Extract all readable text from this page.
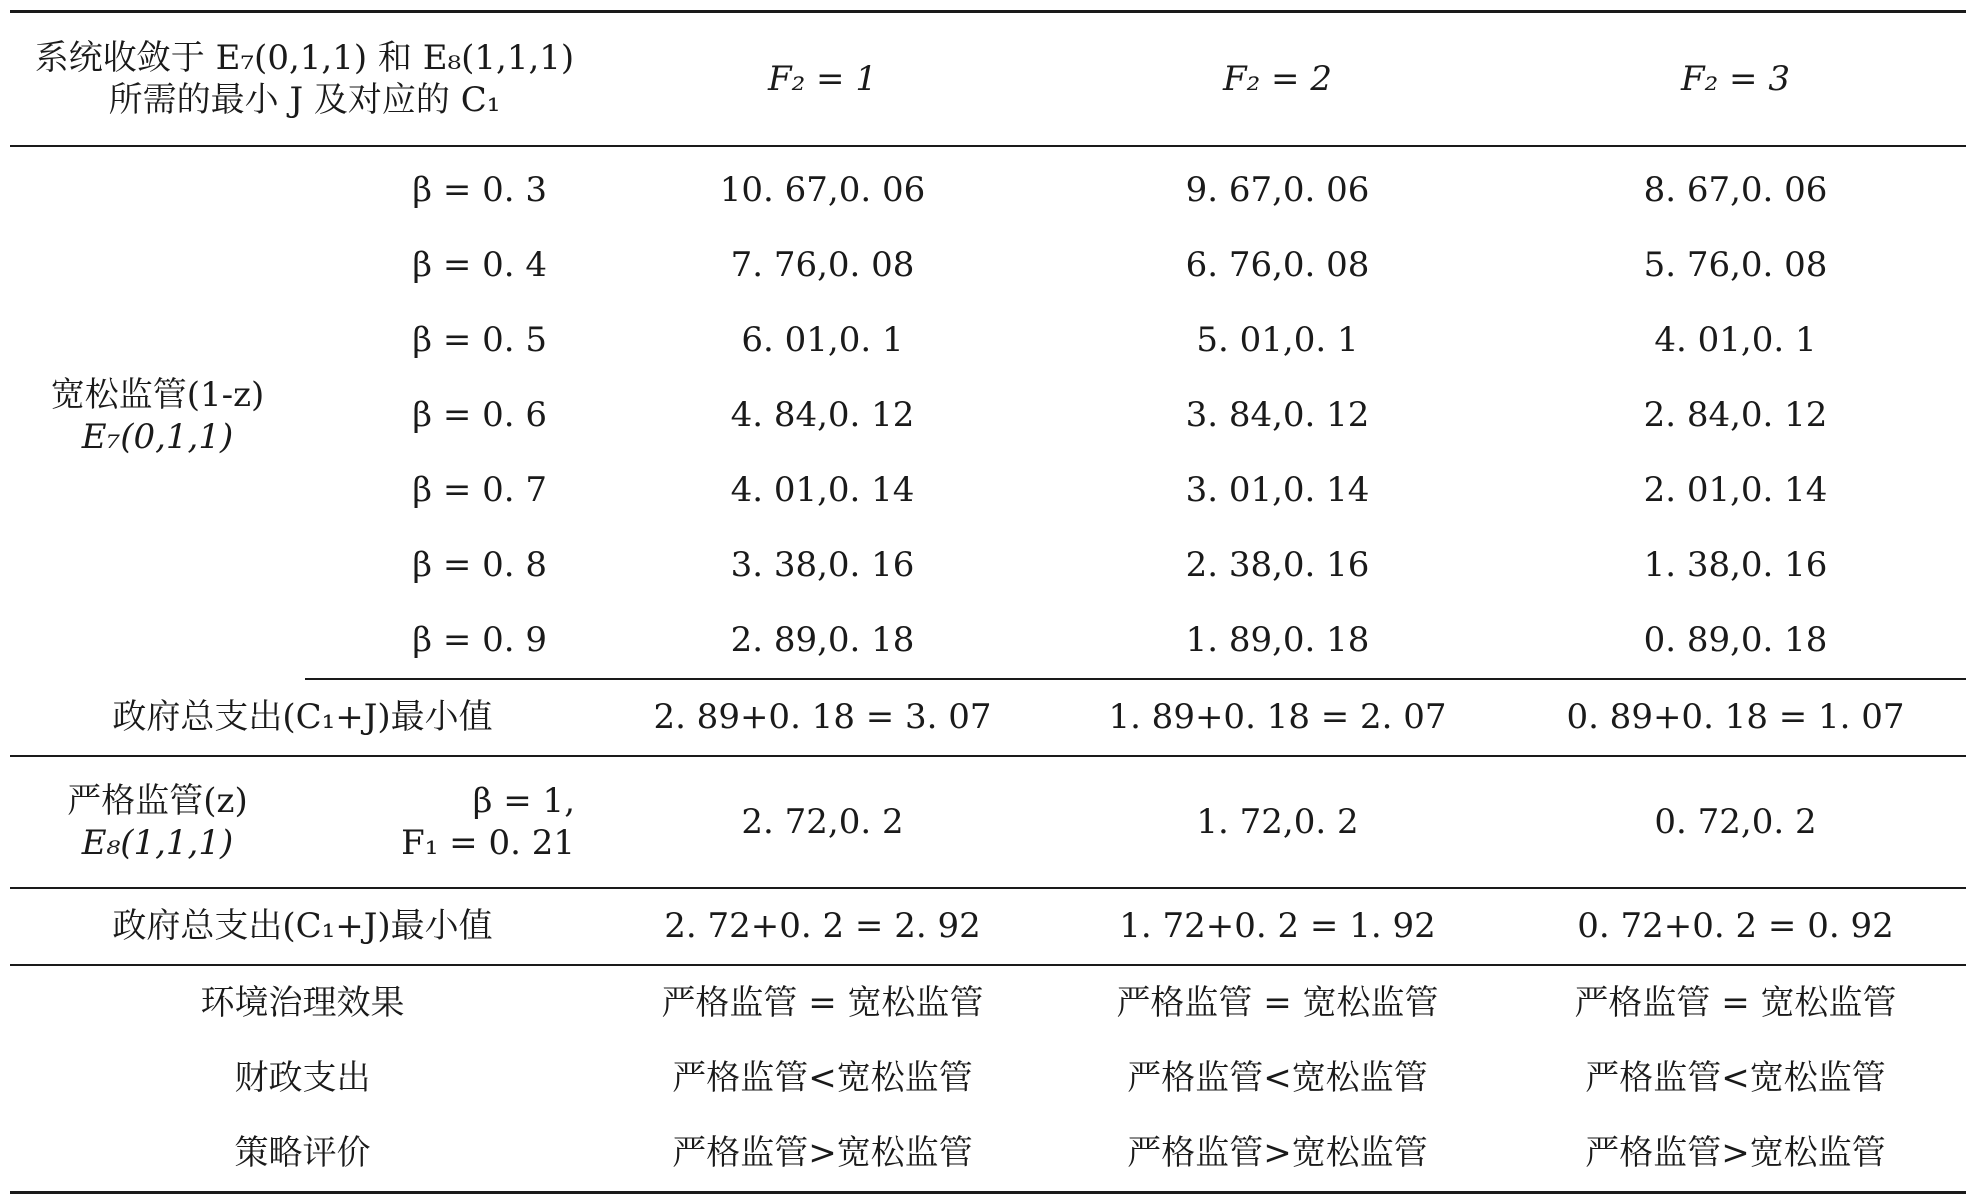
系统收敛于 E₇(0,1,1) 和 E₈(1,1,1)
所需的最小 J 及对应的 C₁		F₂ = 1	F₂ = 2	F₂ = 3

宽松监管(1-z)
E₇(0,1,1)	β = 0. 3	10. 67,0. 06	9. 67,0. 06	8. 67,0. 06
	β = 0. 4	7. 76,0. 08	6. 76,0. 08	5. 76,0. 08
	β = 0. 5	6. 01,0. 1	5. 01,0. 1	4. 01,0. 1
	β = 0. 6	4. 84,0. 12	3. 84,0. 12	2. 84,0. 12
	β = 0. 7	4. 01,0. 14	3. 01,0. 14	2. 01,0. 14
	β = 0. 8	3. 38,0. 16	2. 38,0. 16	1. 38,0. 16
	β = 0. 9	2. 89,0. 18	1. 89,0. 18	0. 89,0. 18
政府总支出(C₁+J)最小值		2. 89+0. 18 = 3. 07	1. 89+0. 18 = 2. 07	0. 89+0. 18 = 1. 07

严格监管(z)
E₈(1,1,1)	β = 1,
F₁ = 0. 21	2. 72,0. 2	1. 72,0. 2	0. 72,0. 2
政府总支出(C₁+J)最小值		2. 72+0. 2 = 2. 92	1. 72+0. 2 = 1. 92	0. 72+0. 2 = 0. 92
环境治理效果		严格监管 = 宽松监管	严格监管 = 宽松监管	严格监管 = 宽松监管
财政支出		严格监管<宽松监管	严格监管<宽松监管	严格监管<宽松监管
策略评价		严格监管>宽松监管	严格监管>宽松监管	严格监管>宽松监管
